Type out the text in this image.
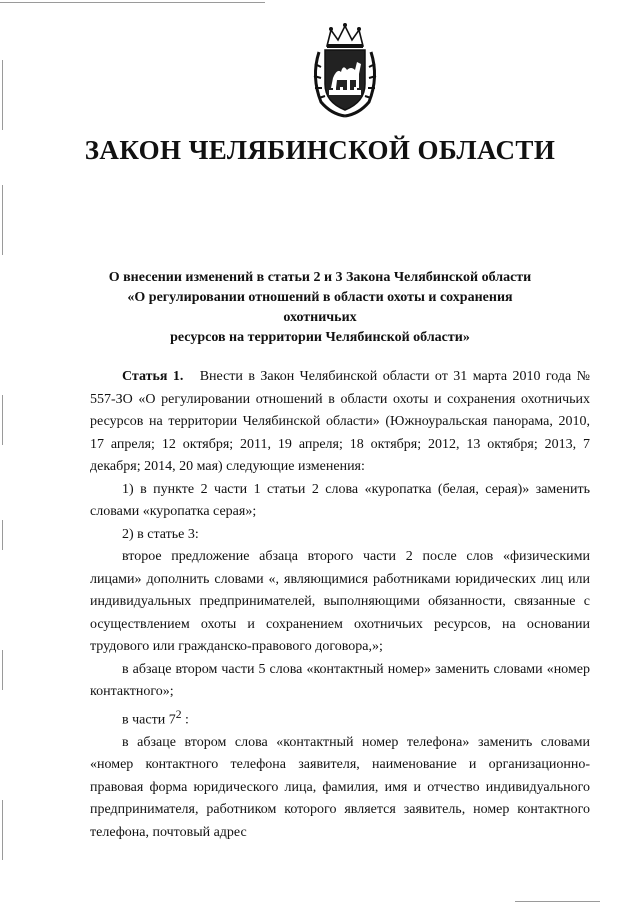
ЗАКОН ЧЕЛЯБИНСКОЙ ОБЛАСТИ
О внесении изменений в статьи 2 и 3 Закона Челябинской области
«О регулировании отношений в области охоты и сохранения охотничьих
ресурсов на территории Челябинской области»

Статья 1. Внести в Закон Челябинской области от 31 марта 2010 года № 557-ЗО «О регулировании отношений в области охоты и сохранения охотничьих ресурсов на территории Челябинской области» (Южноуральская панорама, 2010, 17 апреля; 12 октября; 2011, 19 апреля; 18 октября; 2012, 13 октября; 2013, 7 декабря; 2014, 20 мая) следующие изменения:

1) в пункте 2 части 1 статьи 2 слова «куропатка (белая, серая)» заменить словами «куропатка серая»;

2) в статье 3:

второе предложение абзаца второго части 2 после слов «физическими лицами» дополнить словами «, являющимися работниками юридических лиц или индивидуальных предпринимателей, выполняющими обязанности, связанные с осуществлением охоты и сохранением охотничьих ресурсов, на основании трудового или гражданско-правового договора,»;

в абзаце втором части 5 слова «контактный номер» заменить словами «номер контактного»;

в части $7^2$ :

в абзаце втором слова «контактный номер телефона» заменить словами «номер контактного телефона заявителя, наименование и организационно-правовая форма юридического лица, фамилия, имя и отчество индивидуального предпринимателя, работником которого является заявитель, номер контактного телефона, почтовый адрес
